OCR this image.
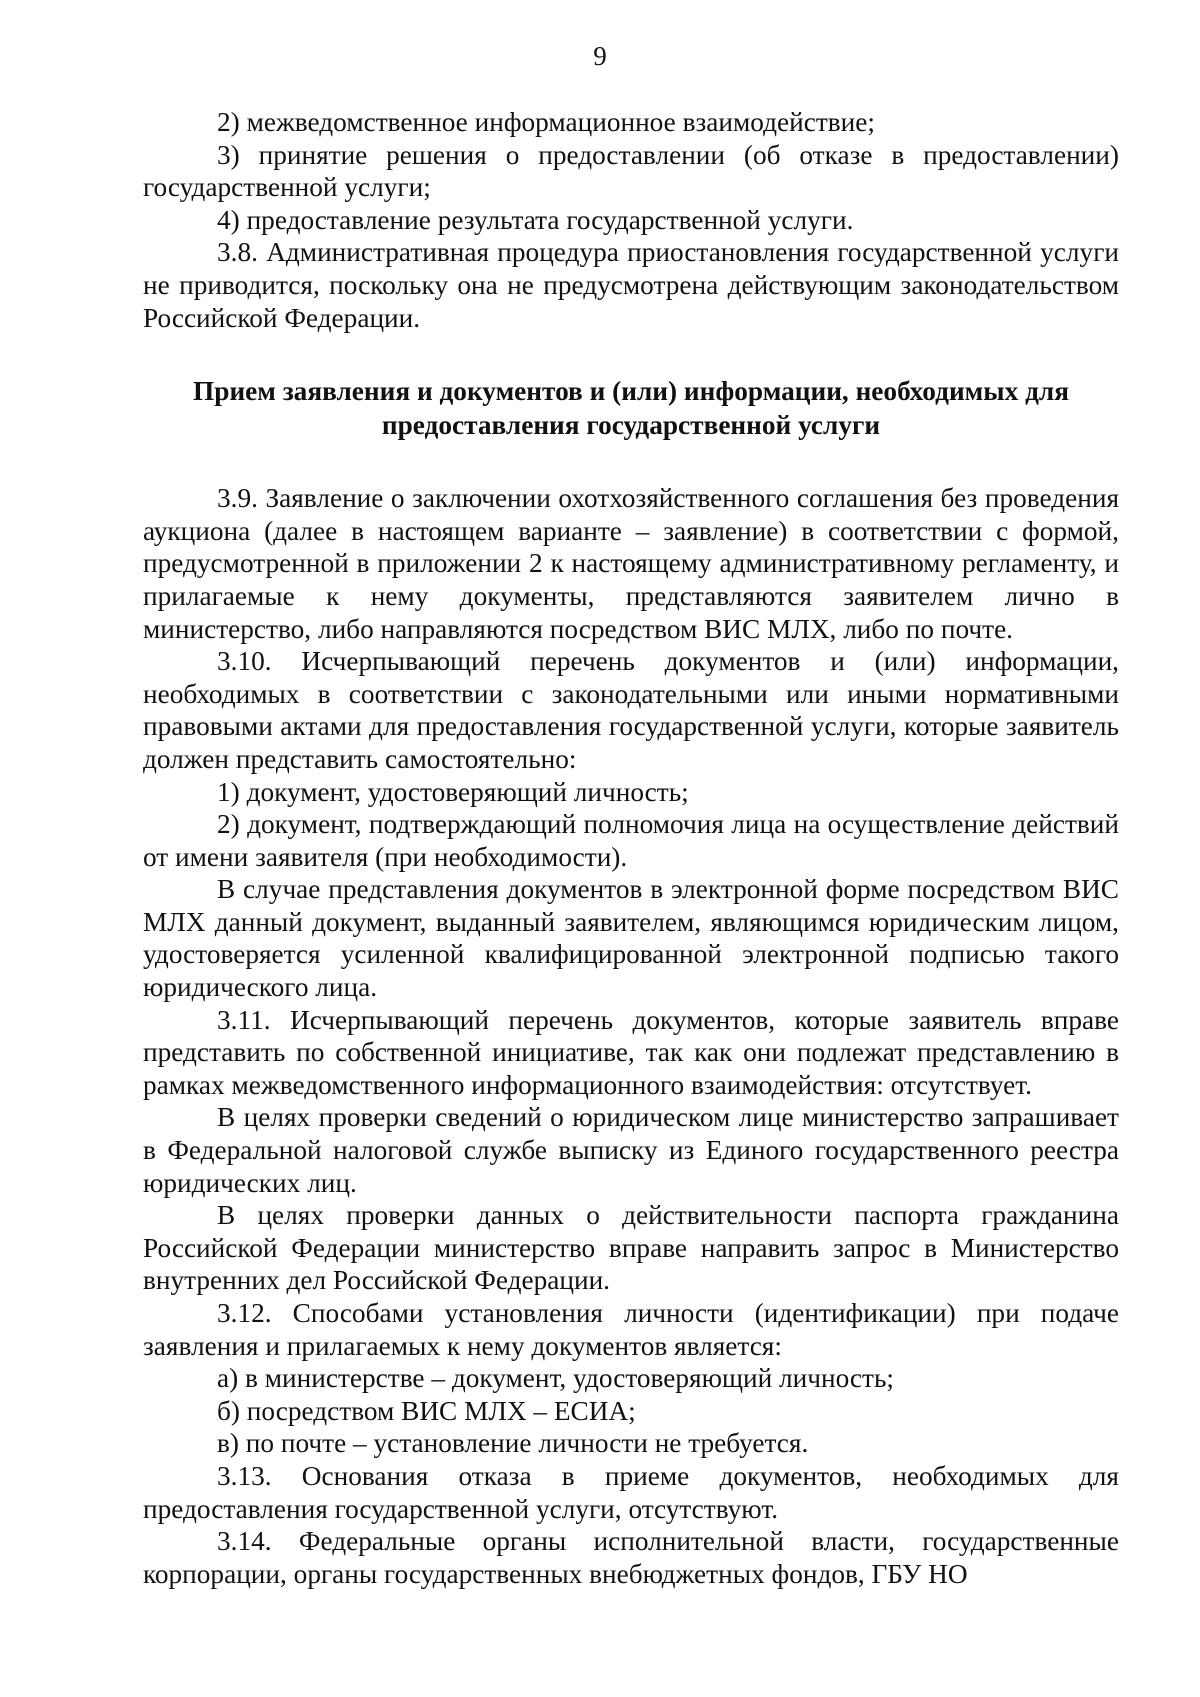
9

2) межведомственное информационное взаимодействие;

3) принятие решения о предоставлении (об отказе в предоставлении) государственной услуги;

4) предоставление результата государственной услуги.

3.8. Административная процедура приостановления государственной услуги не приводится, поскольку она не предусмотрена действующим законодательством Российской Федерации.

Прием заявления и документов и (или) информации, необходимых для
предоставления государственной услуги

3.9. Заявление о заключении охотхозяйственного соглашения без проведения аукциона (далее в настоящем варианте – заявление) в соответствии с формой, предусмотренной в приложении 2 к настоящему административному регламенту, и прилагаемые к нему документы, представляются заявителем лично в министерство, либо направляются посредством ВИС МЛХ, либо по почте.

3.10. Исчерпывающий перечень документов и (или) информации, необходимых в соответствии с законодательными или иными нормативными правовыми актами для предоставления государственной услуги, которые заявитель должен представить самостоятельно:

1) документ, удостоверяющий личность;

2) документ, подтверждающий полномочия лица на осуществление действий от имени заявителя (при необходимости).

В случае представления документов в электронной форме посредством ВИС МЛХ данный документ, выданный заявителем, являющимся юридическим лицом, удостоверяется усиленной квалифицированной электронной подписью такого юридического лица.

3.11. Исчерпывающий перечень документов, которые заявитель вправе представить по собственной инициативе, так как они подлежат представлению в рамках межведомственного информационного взаимодействия: отсутствует.

В целях проверки сведений о юридическом лице министерство запрашивает в Федеральной налоговой службе выписку из Единого государственного реестра юридических лиц.

В целях проверки данных о действительности паспорта гражданина Российской Федерации министерство вправе направить запрос в Министерство внутренних дел Российской Федерации.

3.12. Способами установления личности (идентификации) при подаче заявления и прилагаемых к нему документов является:

а) в министерстве – документ, удостоверяющий личность;

б) посредством ВИС МЛХ – ЕСИА;

в) по почте – установление личности не требуется.

3.13. Основания отказа в приеме документов, необходимых для предоставления государственной услуги, отсутствуют.

3.14. Федеральные органы исполнительной власти, государственные корпорации, органы государственных внебюджетных фондов, ГБУ НО
